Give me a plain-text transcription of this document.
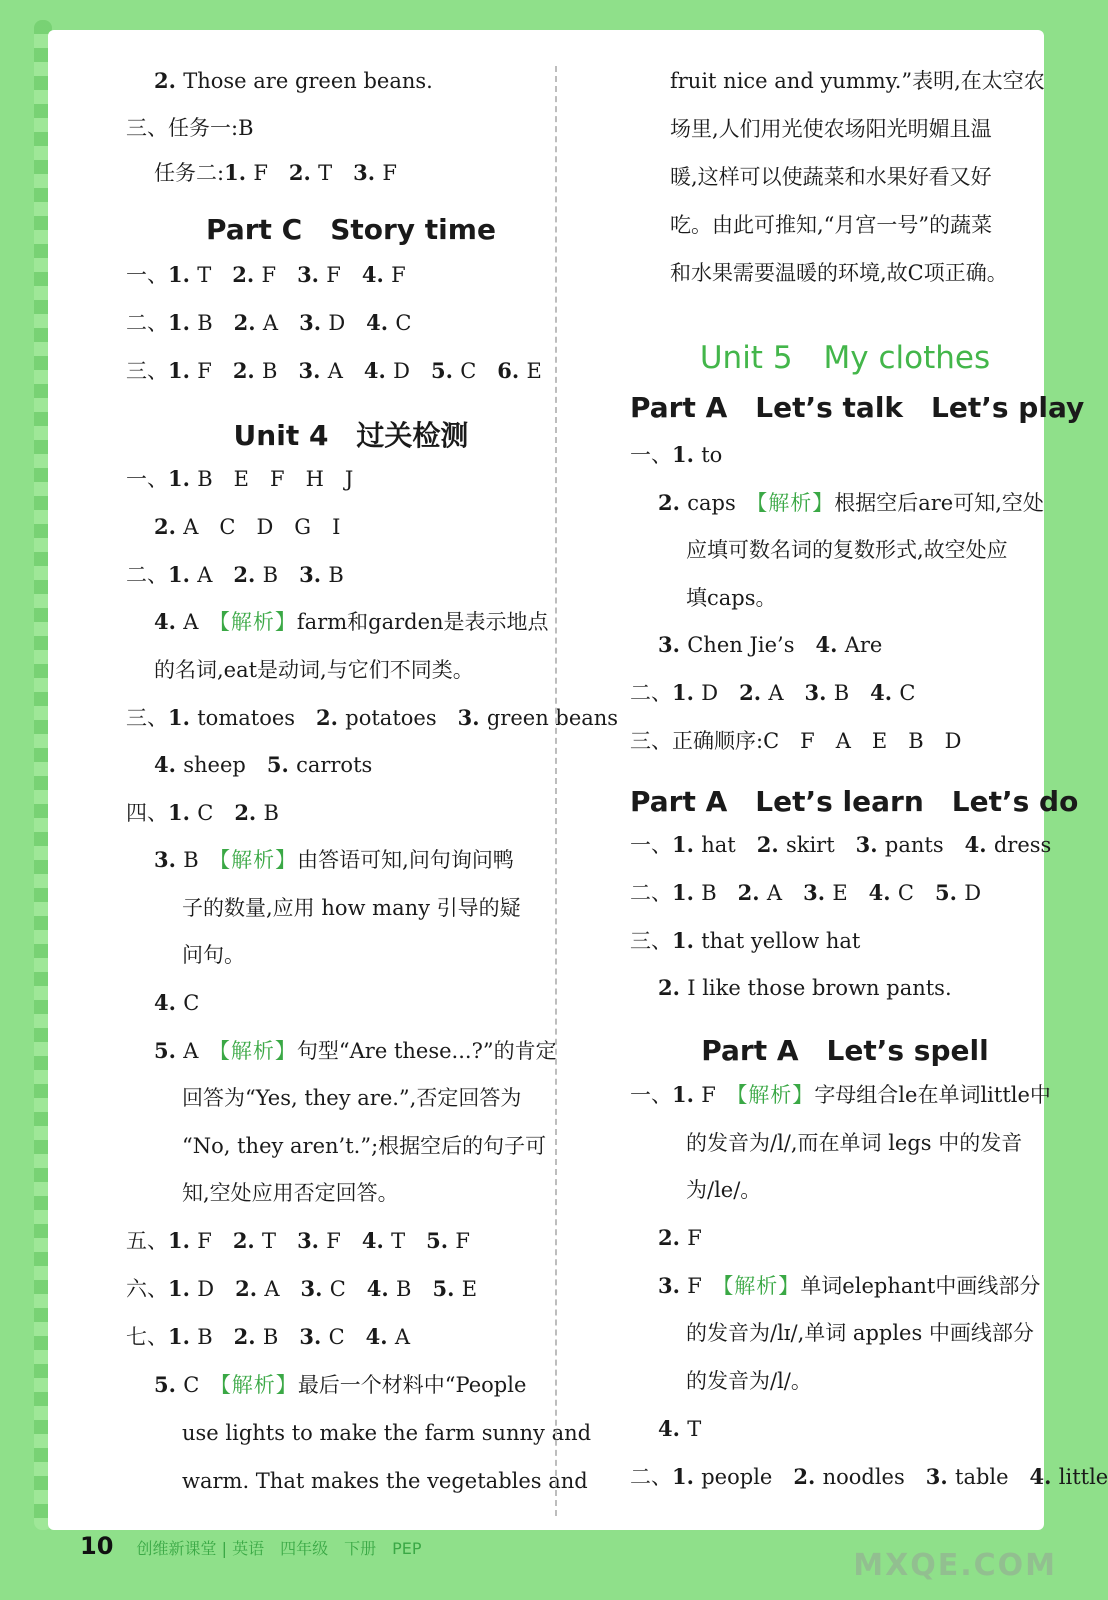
2. Those are green beans.
三、任务一:B
任务二:1. F　2. T　3. F
一、1. T　2. F　3. F　4. F
二、1. B　2. A　3. D　4. C
三、1. F　2. B　3. A　4. D　5. C　6. E
一、1. B　E　F　H　J
2. A　C　D　G　I
二、1. A　2. B　3. B
4. A　【解析】farm和garden是表示地点
的名词,eat是动词,与它们不同类。
三、1. tomatoes　2. potatoes　3. green beans
4. sheep　5. carrots
四、1. C　2. B
3. B　【解析】由答语可知,问句询问鸭
子的数量,应用 how many 引导的疑
问句。
4. C
5. A　【解析】句型“Are these...?”的肯定
回答为“Yes, they are.”,否定回答为
“No, they aren’t.”;根据空后的句子可
知,空处应用否定回答。
五、1. F　2. T　3. F　4. T　5. F
六、1. D　2. A　3. C　4. B　5. E
七、1. B　2. B　3. C　4. A
5. C　【解析】最后一个材料中“People
use lights to make the farm sunny and
warm. That makes the vegetables and
Part C　Story time
Unit 4　过关检测
fruit nice and yummy.”表明,在太空农
场里,人们用光使农场阳光明媚且温
暖,这样可以使蔬菜和水果好看又好
吃。由此可推知,“月宫一号”的蔬菜
和水果需要温暖的环境,故C项正确。
一、1. to
2. caps　【解析】根据空后are可知,空处
应填可数名词的复数形式,故空处应
填caps。
3. Chen Jie’s　4. Are
二、1. D　2. A　3. B　4. C
三、正确顺序:C　F　A　E　B　D
一、1. hat　2. skirt　3. pants　4. dress
二、1. B　2. A　3. E　4. C　5. D
三、1. that yellow hat
2. I like those brown pants.
一、1. F　【解析】字母组合le在单词little中
的发音为/l/,而在单词 legs 中的发音
为/le/。
2. F
3. F　【解析】单词elephant中画线部分
的发音为/lɪ/,单词 apples 中画线部分
的发音为/l/。
4. T
二、1. people　2. noodles　3. table　4. little
Unit 5　My clothes
Part A　Let’s talk　Let’s play
Part A　Let’s learn　Let’s do
Part A　Let’s spell
10 创维新课堂 | 英语　四年级　下册　PEP	MXQE.COM
